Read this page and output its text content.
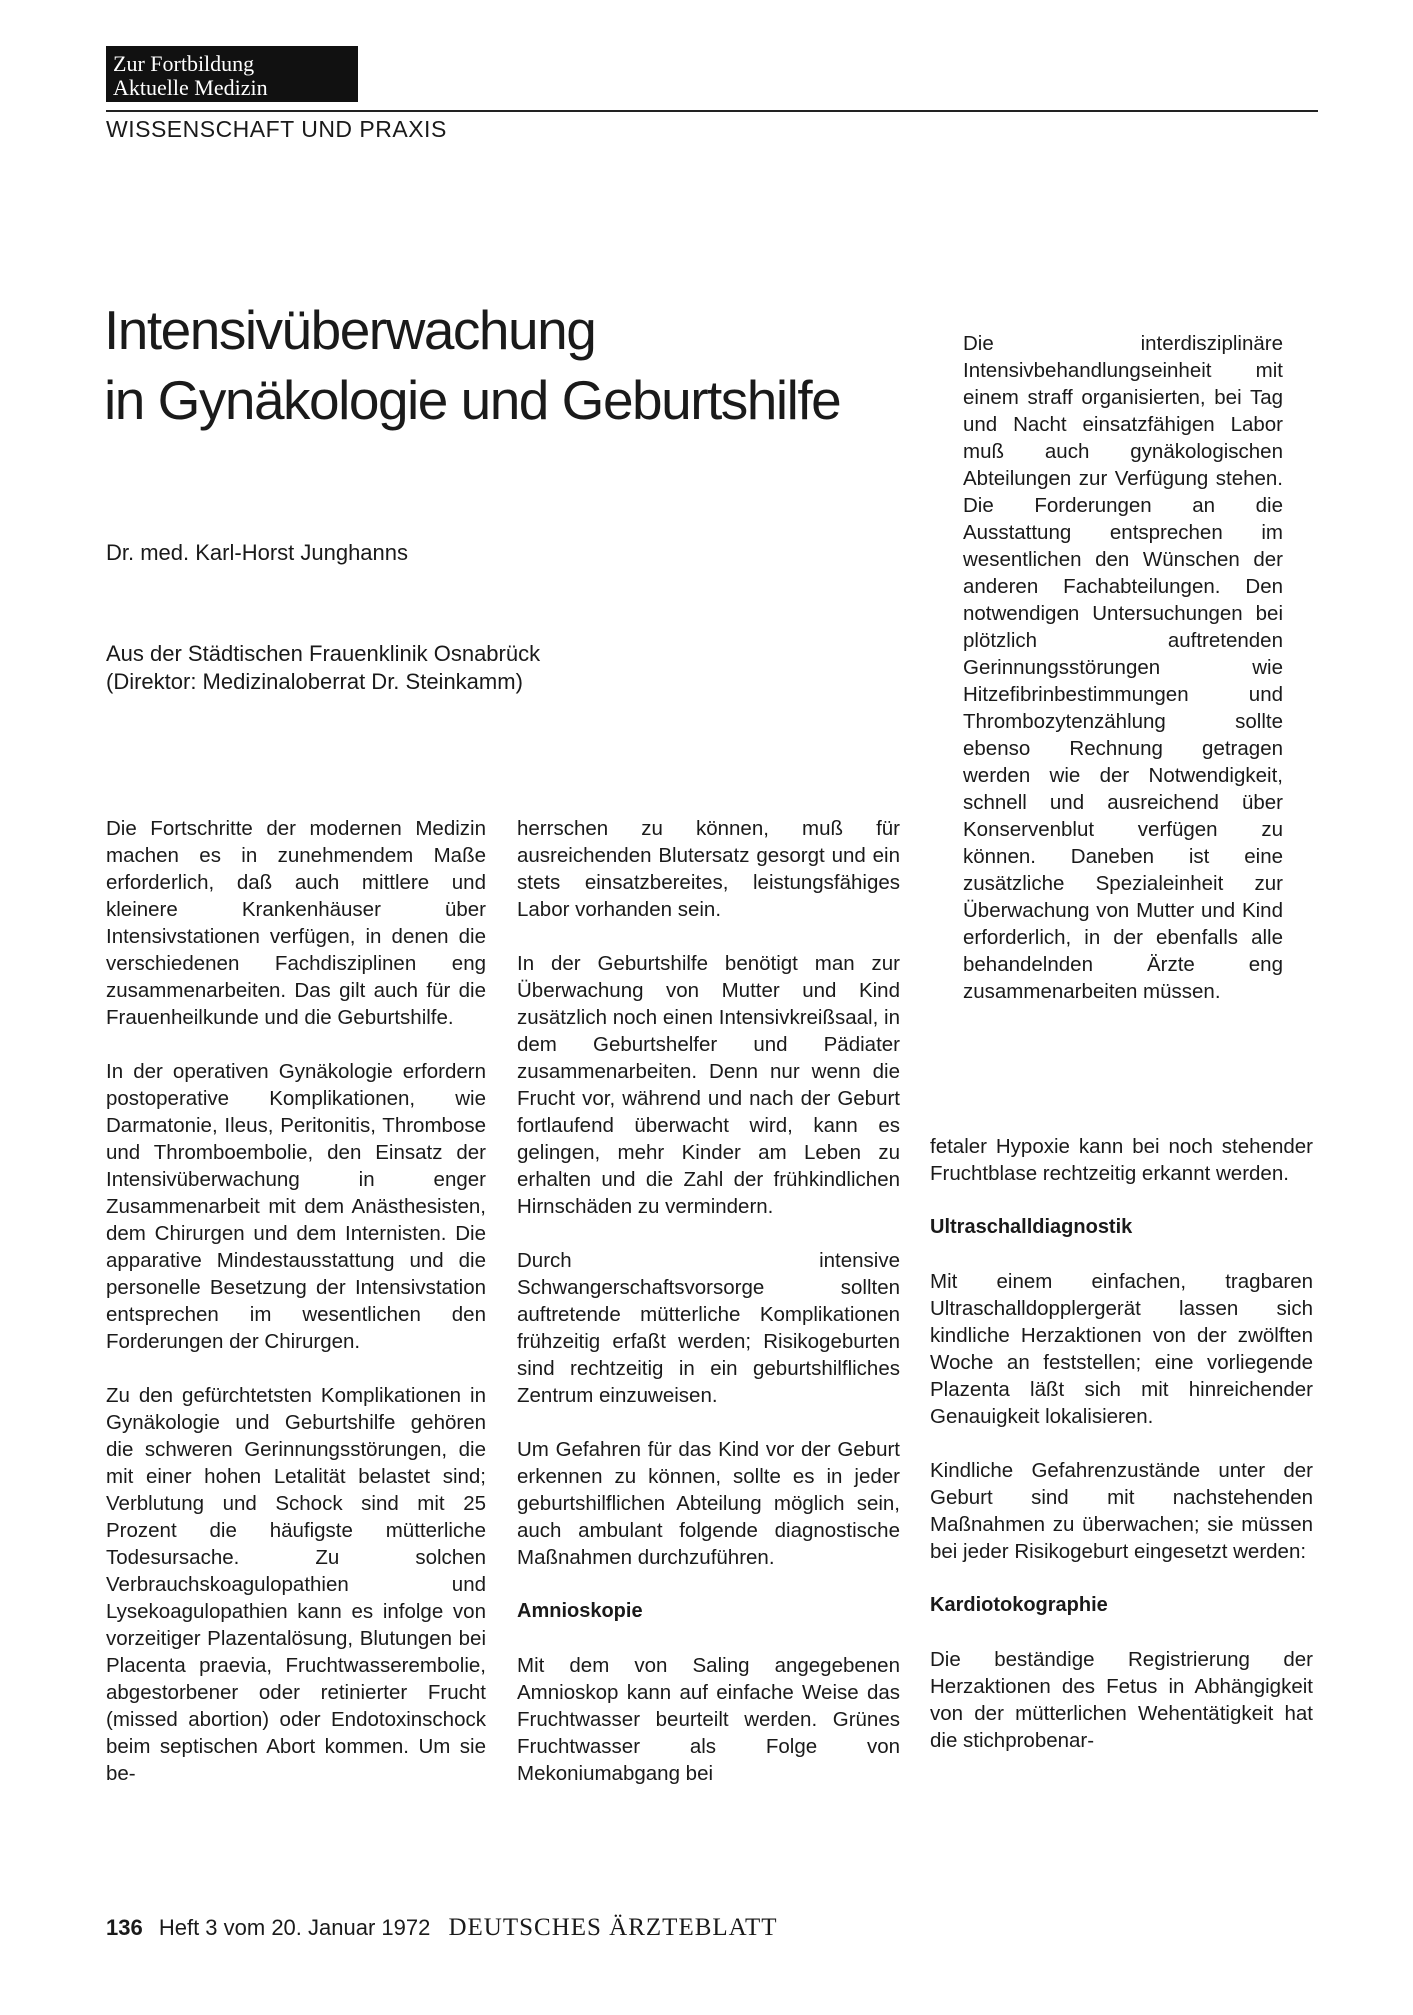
Zur Fortbildung
Aktuelle Medizin
WISSENSCHAFT UND PRAXIS
Intensivüberwachung
in Gynäkologie und Geburtshilfe
Dr. med. Karl-Horst Junghanns
Aus der Städtischen Frauenklinik Osnabrück
(Direktor: Medizinaloberrat Dr. Steinkamm)

Die Fortschritte der modernen Medizin machen es in zunehmendem Maße erforderlich, daß auch mittlere und kleinere Krankenhäuser über Intensivstationen verfügen, in denen die verschiedenen Fachdisziplinen eng zusammenarbeiten. Das gilt auch für die Frauenheilkunde und die Geburtshilfe.

In der operativen Gynäkologie erfordern postoperative Komplikationen, wie Darmatonie, Ileus, Peritonitis, Thrombose und Thromboembolie, den Einsatz der Intensivüberwachung in enger Zusammenarbeit mit dem Anästhesisten, dem Chirurgen und dem Internisten. Die apparative Mindestausstattung und die personelle Besetzung der Intensivstation entsprechen im wesentlichen den Forderungen der Chirurgen.

Zu den gefürchtetsten Komplikationen in Gynäkologie und Geburtshilfe gehören die schweren Gerinnungsstörungen, die mit einer hohen Letalität belastet sind; Verblutung und Schock sind mit 25 Prozent die häufigste mütterliche Todesursache. Zu solchen Verbrauchskoagulopathien und Lysekoagulopathien kann es infolge von vorzeitiger Plazentalösung, Blutungen bei Placenta praevia, Fruchtwasserembolie, abgestorbener oder retinierter Frucht (missed abortion) oder Endotoxinschock beim septischen Abort kommen. Um sie be-

herrschen zu können, muß für ausreichenden Blutersatz gesorgt und ein stets einsatzbereites, leistungsfähiges Labor vorhanden sein.

In der Geburtshilfe benötigt man zur Überwachung von Mutter und Kind zusätzlich noch einen Intensivkreißsaal, in dem Geburtshelfer und Pädiater zusammenarbeiten. Denn nur wenn die Frucht vor, während und nach der Geburt fortlaufend überwacht wird, kann es gelingen, mehr Kinder am Leben zu erhalten und die Zahl der frühkindlichen Hirnschäden zu vermindern.

Durch intensive Schwangerschaftsvorsorge sollten auftretende mütterliche Komplikationen frühzeitig erfaßt werden; Risikogeburten sind rechtzeitig in ein geburtshilfliches Zentrum einzuweisen.

Um Gefahren für das Kind vor der Geburt erkennen zu können, sollte es in jeder geburtshilflichen Abteilung möglich sein, auch ambulant folgende diagnostische Maßnahmen durchzuführen.

Amnioskopie

Mit dem von Saling angegebenen Amnioskop kann auf einfache Weise das Fruchtwasser beurteilt werden. Grünes Fruchtwasser als Folge von Mekoniumabgang bei

Die interdisziplinäre Intensivbehandlungseinheit mit einem straff organisierten, bei Tag und Nacht einsatzfähigen Labor muß auch gynäkologischen Abteilungen zur Verfügung stehen. Die Forderungen an die Ausstattung entsprechen im wesentlichen den Wünschen der anderen Fachabteilungen. Den notwendigen Untersuchungen bei plötzlich auftretenden Gerinnungsstörungen wie Hitzefibrinbestimmungen und Thrombozytenzählung sollte ebenso Rechnung getragen werden wie der Notwendigkeit, schnell und ausreichend über Konservenblut verfügen zu können. Daneben ist eine zusätzliche Spezialeinheit zur Überwachung von Mutter und Kind erforderlich, in der ebenfalls alle behandelnden Ärzte eng zusammenarbeiten müssen.

fetaler Hypoxie kann bei noch stehender Fruchtblase rechtzeitig erkannt werden.

Ultraschalldiagnostik

Mit einem einfachen, tragbaren Ultraschalldopplergerät lassen sich kindliche Herzaktionen von der zwölften Woche an feststellen; eine vorliegende Plazenta läßt sich mit hinreichender Genauigkeit lokalisieren.

Kindliche Gefahrenzustände unter der Geburt sind mit nachstehenden Maßnahmen zu überwachen; sie müssen bei jeder Risikogeburt eingesetzt werden:

Kardiotokographie

Die beständige Registrierung der Herzaktionen des Fetus in Abhängigkeit von der mütterlichen Wehentätigkeit hat die stichprobenar-

136 Heft 3 vom 20. Januar 1972 DEUTSCHES ÄRZTEBLATT
